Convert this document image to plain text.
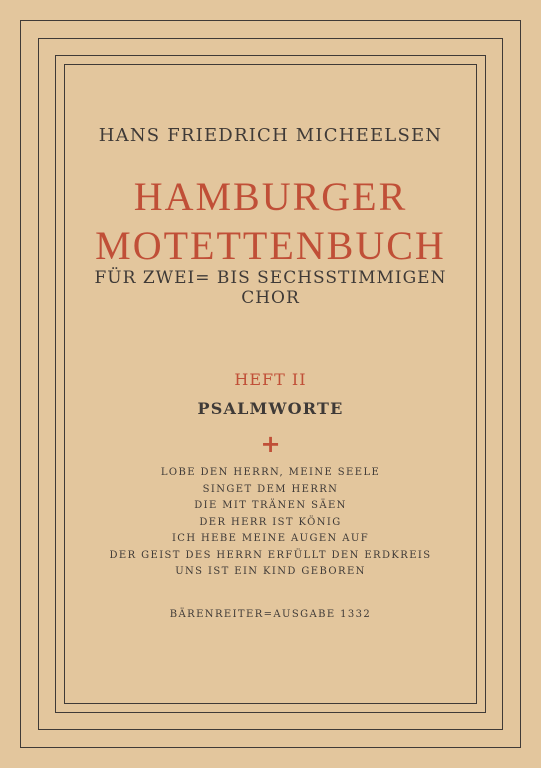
HANS FRIEDRICH MICHEELSEN
HAMBURGER
MOTETTENBUCH
FÜR ZWEI= BIS SECHSSTIMMIGEN CHOR
HEFT II
PSALMWORTE
+
LOBE DEN HERRN, MEINE SEELE
SINGET DEM HERRN
DIE MIT TRÄNEN SÄEN
DER HERR IST KÖNIG
ICH HEBE MEINE AUGEN AUF
DER GEIST DES HERRN ERFÜLLT DEN ERDKREIS
UNS IST EIN KIND GEBOREN
BÄRENREITER=AUSGABE 1332
